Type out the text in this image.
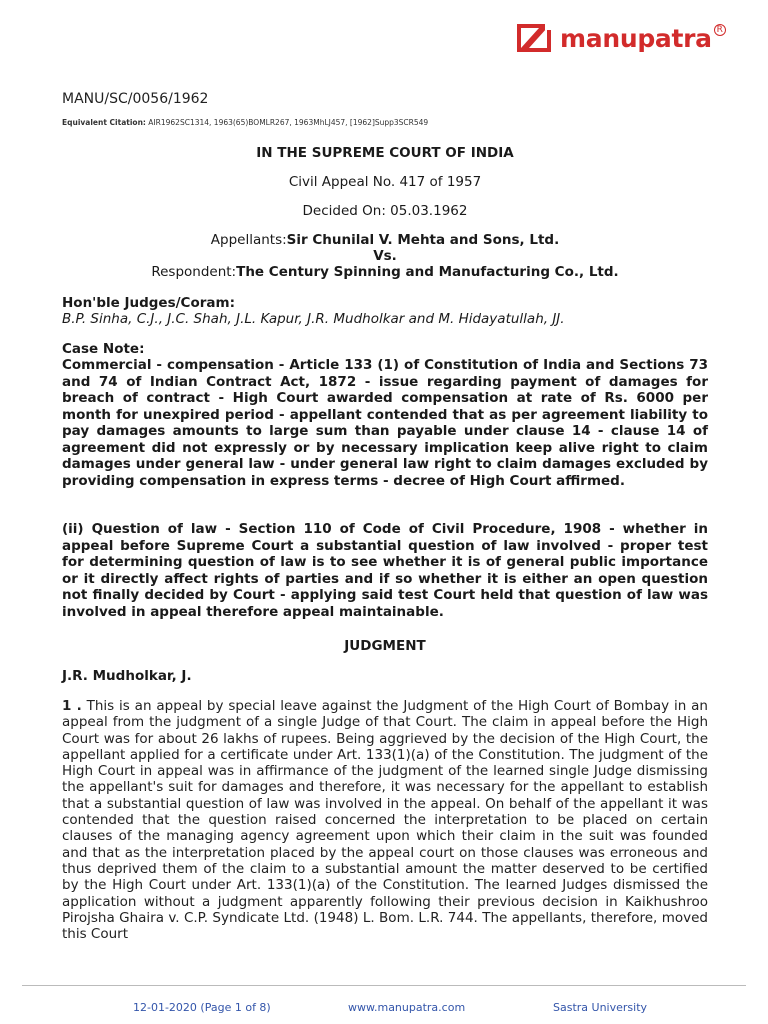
manupatra R
MANU/SC/0056/1962
Equivalent Citation: AIR1962SC1314, 1963(65)BOMLR267, 1963MhLJ457, [1962]Supp3SCR549
IN THE SUPREME COURT OF INDIA
Civil Appeal No. 417 of 1957
Decided On: 05.03.1962
Appellants:Sir Chunilal V. Mehta and Sons, Ltd.
Vs.
Respondent:The Century Spinning and Manufacturing Co., Ltd.
Hon'ble Judges/Coram:
B.P. Sinha, C.J., J.C. Shah, J.L. Kapur, J.R. Mudholkar and M. Hidayatullah, JJ.
Case Note:

Commercial - compensation - Article 133 (1) of Constitution of India and Sections 73 and 74 of Indian Contract Act, 1872 - issue regarding payment of damages for breach of contract - High Court awarded compensation at rate of Rs. 6000 per month for unexpired period - appellant contended that as per agreement liability to pay damages amounts to large sum than payable under clause 14 - clause 14 of agreement did not expressly or by necessary implication keep alive right to claim damages under general law - under general law right to claim damages excluded by providing compensation in express terms - decree of High Court affirmed.

(ii) Question of law - Section 110 of Code of Civil Procedure, 1908 - whether in appeal before Supreme Court a substantial question of law involved - proper test for determining question of law is to see whether it is of general public importance or it directly affect rights of parties and if so whether it is either an open question not finally decided by Court - applying said test Court held that question of law was involved in appeal therefore appeal maintainable.

JUDGMENT
J.R. Mudholkar, J.

1 . This is an appeal by special leave against the Judgment of the High Court of Bombay in an appeal from the judgment of a single Judge of that Court. The claim in appeal before the High Court was for about 26 lakhs of rupees. Being aggrieved by the decision of the High Court, the appellant applied for a certificate under Art. 133(1)(a) of the Constitution. The judgment of the High Court in appeal was in affirmance of the judgment of the learned single Judge dismissing the appellant's suit for damages and therefore, it was necessary for the appellant to establish that a substantial question of law was involved in the appeal. On behalf of the appellant it was contended that the question raised concerned the interpretation to be placed on certain clauses of the managing agency agreement upon which their claim in the suit was founded and that as the interpretation placed by the appeal court on those clauses was erroneous and thus deprived them of the claim to a substantial amount the matter deserved to be certified by the High Court under Art. 133(1)(a) of the Constitution. The learned Judges dismissed the application without a judgment apparently following their previous decision in Kaikhushroo Pirojsha Ghaira v. C.P. Syndicate Ltd. (1948) L. Bom. L.R. 744. The appellants, therefore, moved this Court

12-01-2020 (Page 1 of 8)	www.manupatra.com	Sastra University
